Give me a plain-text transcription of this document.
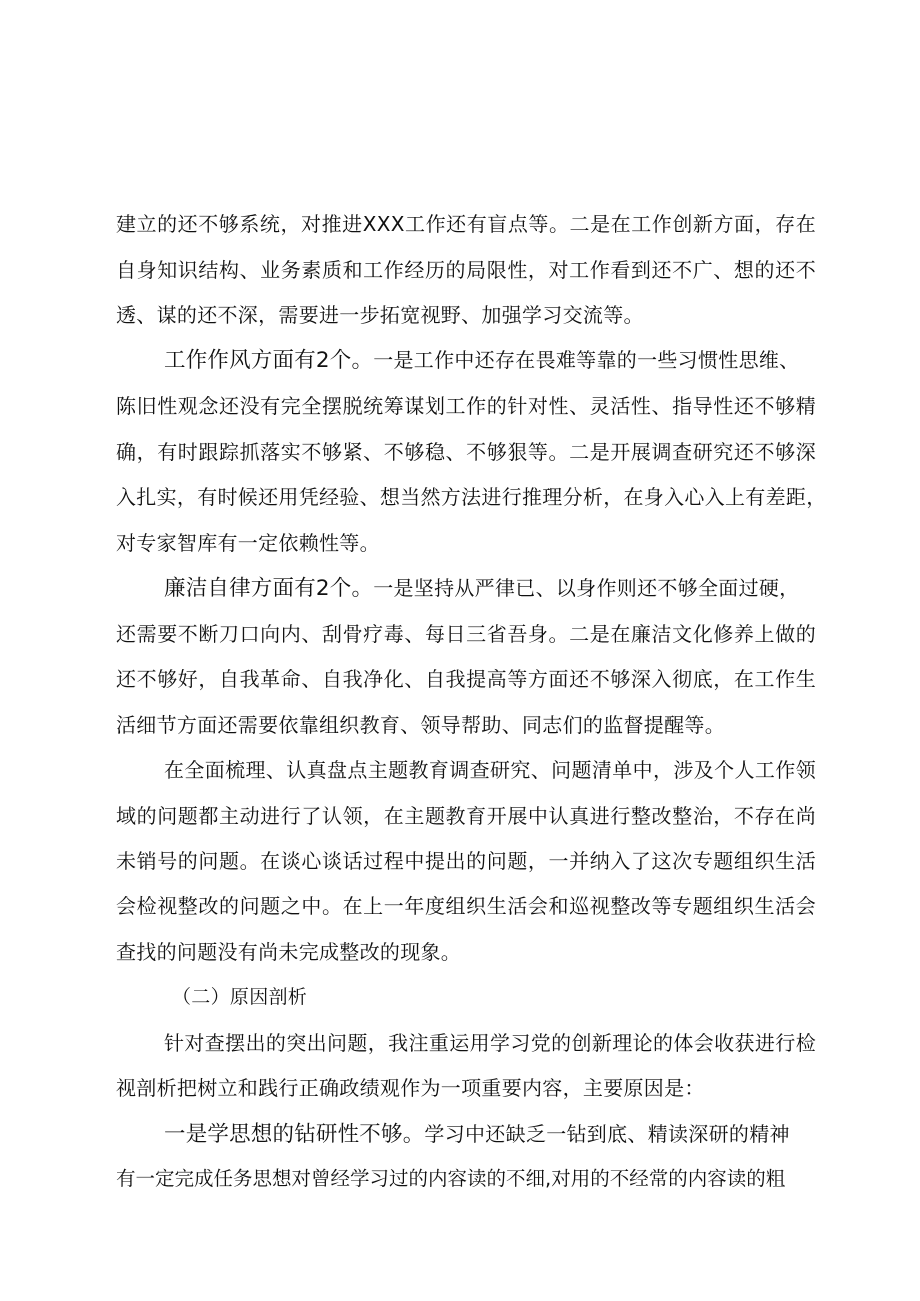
建立的还不够系统，对推进XXX工作还有盲点等。二是在工作创新方面，存在
自身知识结构、业务素质和工作经历的局限性，对工作看到还不广、想的还不
透、谋的还不深，需要进一步拓宽视野、加强学习交流等。
工作作风方面有2个。一是工作中还存在畏难等靠的一些习惯性思维、
陈旧性观念还没有完全摆脱统筹谋划工作的针对性、灵活性、指导性还不够精
确，有时跟踪抓落实不够紧、不够稳、不够狠等。二是开展调查研究还不够深
入扎实，有时候还用凭经验、想当然方法进行推理分析，在身入心入上有差距，
对专家智库有一定依赖性等。
廉洁自律方面有2个。一是坚持从严律已、以身作则还不够全面过硬，
还需要不断刀口向内、刮骨疗毒、每日三省吾身。二是在廉洁文化修养上做的
还不够好，自我革命、自我净化、自我提高等方面还不够深入彻底，在工作生
活细节方面还需要依靠组织教育、领导帮助、同志们的监督提醒等。
在全面梳理、认真盘点主题教育调查研究、问题清单中，涉及个人工作领
域的问题都主动进行了认领，在主题教育开展中认真进行整改整治，不存在尚
未销号的问题。在谈心谈话过程中提出的问题，一并纳入了这次专题组织生活
会检视整改的问题之中。在上一年度组织生活会和巡视整改等专题组织生活会
查找的问题没有尚未完成整改的现象。
（二）原因剖析
针对查摆出的突出问题，我注重运用学习党的创新理论的体会收获进行检
视剖析把树立和践行正确政绩观作为一项重要内容，主要原因是：
一是学思想的钻研性不够。学习中还缺乏一钻到底、精读深研的精神
有一定完成任务思想对曾经学习过的内容读的不细,对用的不经常的内容读的粗
